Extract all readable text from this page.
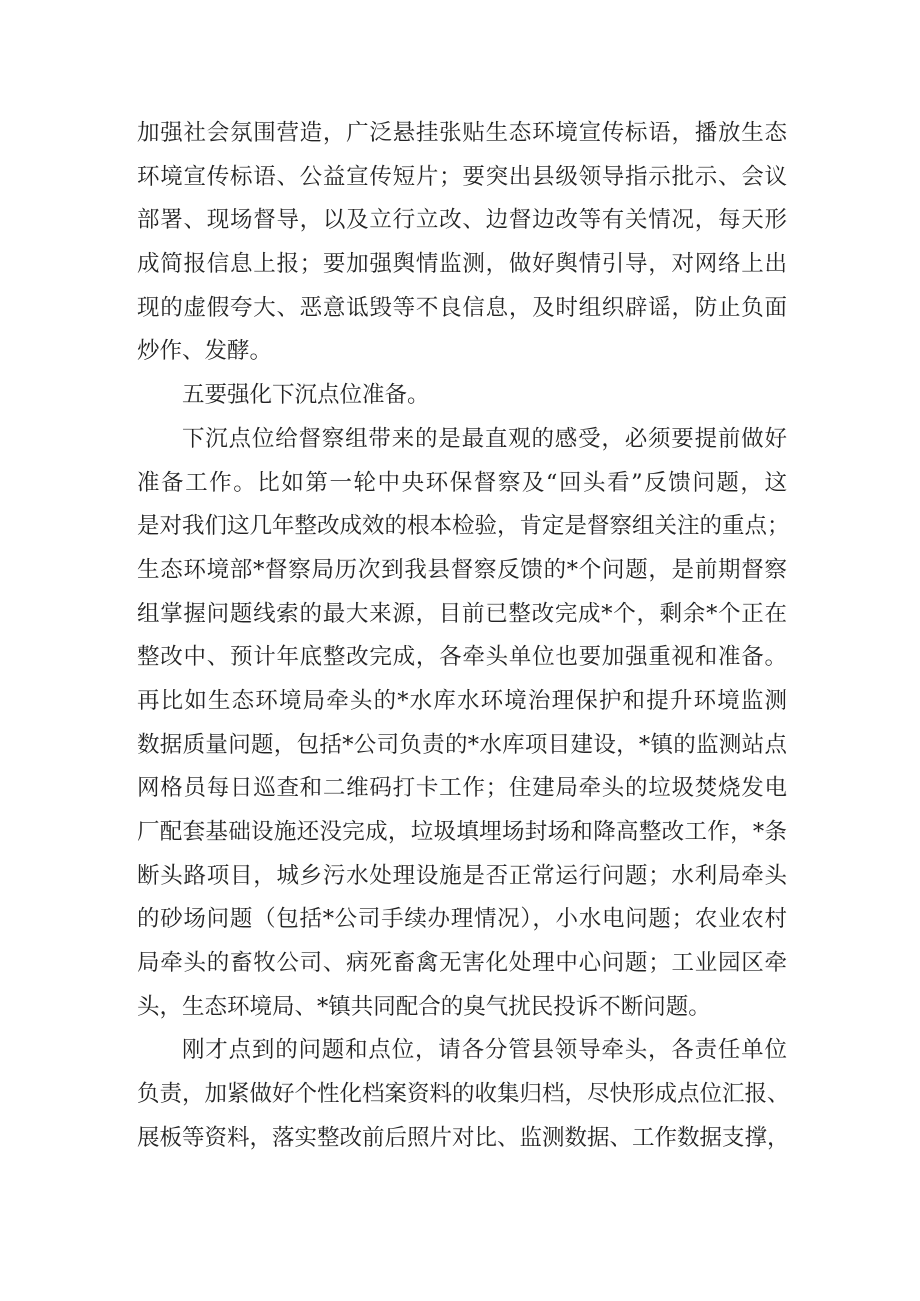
加强社会氛围营造，广泛悬挂张贴生态环境宣传标语，播放生态
环境宣传标语、公益宣传短片；要突出县级领导指示批示、会议
部署、现场督导，以及立行立改、边督边改等有关情况，每天形
成简报信息上报；要加强舆情监测，做好舆情引导，对网络上出
现的虚假夸大、恶意诋毁等不良信息，及时组织辟谣，防止负面
炒作、发酵。
五要强化下沉点位准备。
下沉点位给督察组带来的是最直观的感受，必须要提前做好
准备工作。比如第一轮中央环保督察及“回头看”反馈问题，这
是对我们这几年整改成效的根本检验，肯定是督察组关注的重点；
生态环境部*督察局历次到我县督察反馈的*个问题，是前期督察
组掌握问题线索的最大来源，目前已整改完成*个，剩余*个正在
整改中、预计年底整改完成，各牵头单位也要加强重视和准备。
再比如生态环境局牵头的*水库水环境治理保护和提升环境监测
数据质量问题，包括*公司负责的*水库项目建设，*镇的监测站点
网格员每日巡查和二维码打卡工作；住建局牵头的垃圾焚烧发电
厂配套基础设施还没完成，垃圾填埋场封场和降高整改工作，*条
断头路项目，城乡污水处理设施是否正常运行问题；水利局牵头
的砂场问题（包括*公司手续办理情况），小水电问题；农业农村
局牵头的畜牧公司、病死畜禽无害化处理中心问题；工业园区牵
头，生态环境局、*镇共同配合的臭气扰民投诉不断问题。
刚才点到的问题和点位，请各分管县领导牵头，各责任单位
负责，加紧做好个性化档案资料的收集归档，尽快形成点位汇报、
展板等资料，落实整改前后照片对比、监测数据、工作数据支撑，
